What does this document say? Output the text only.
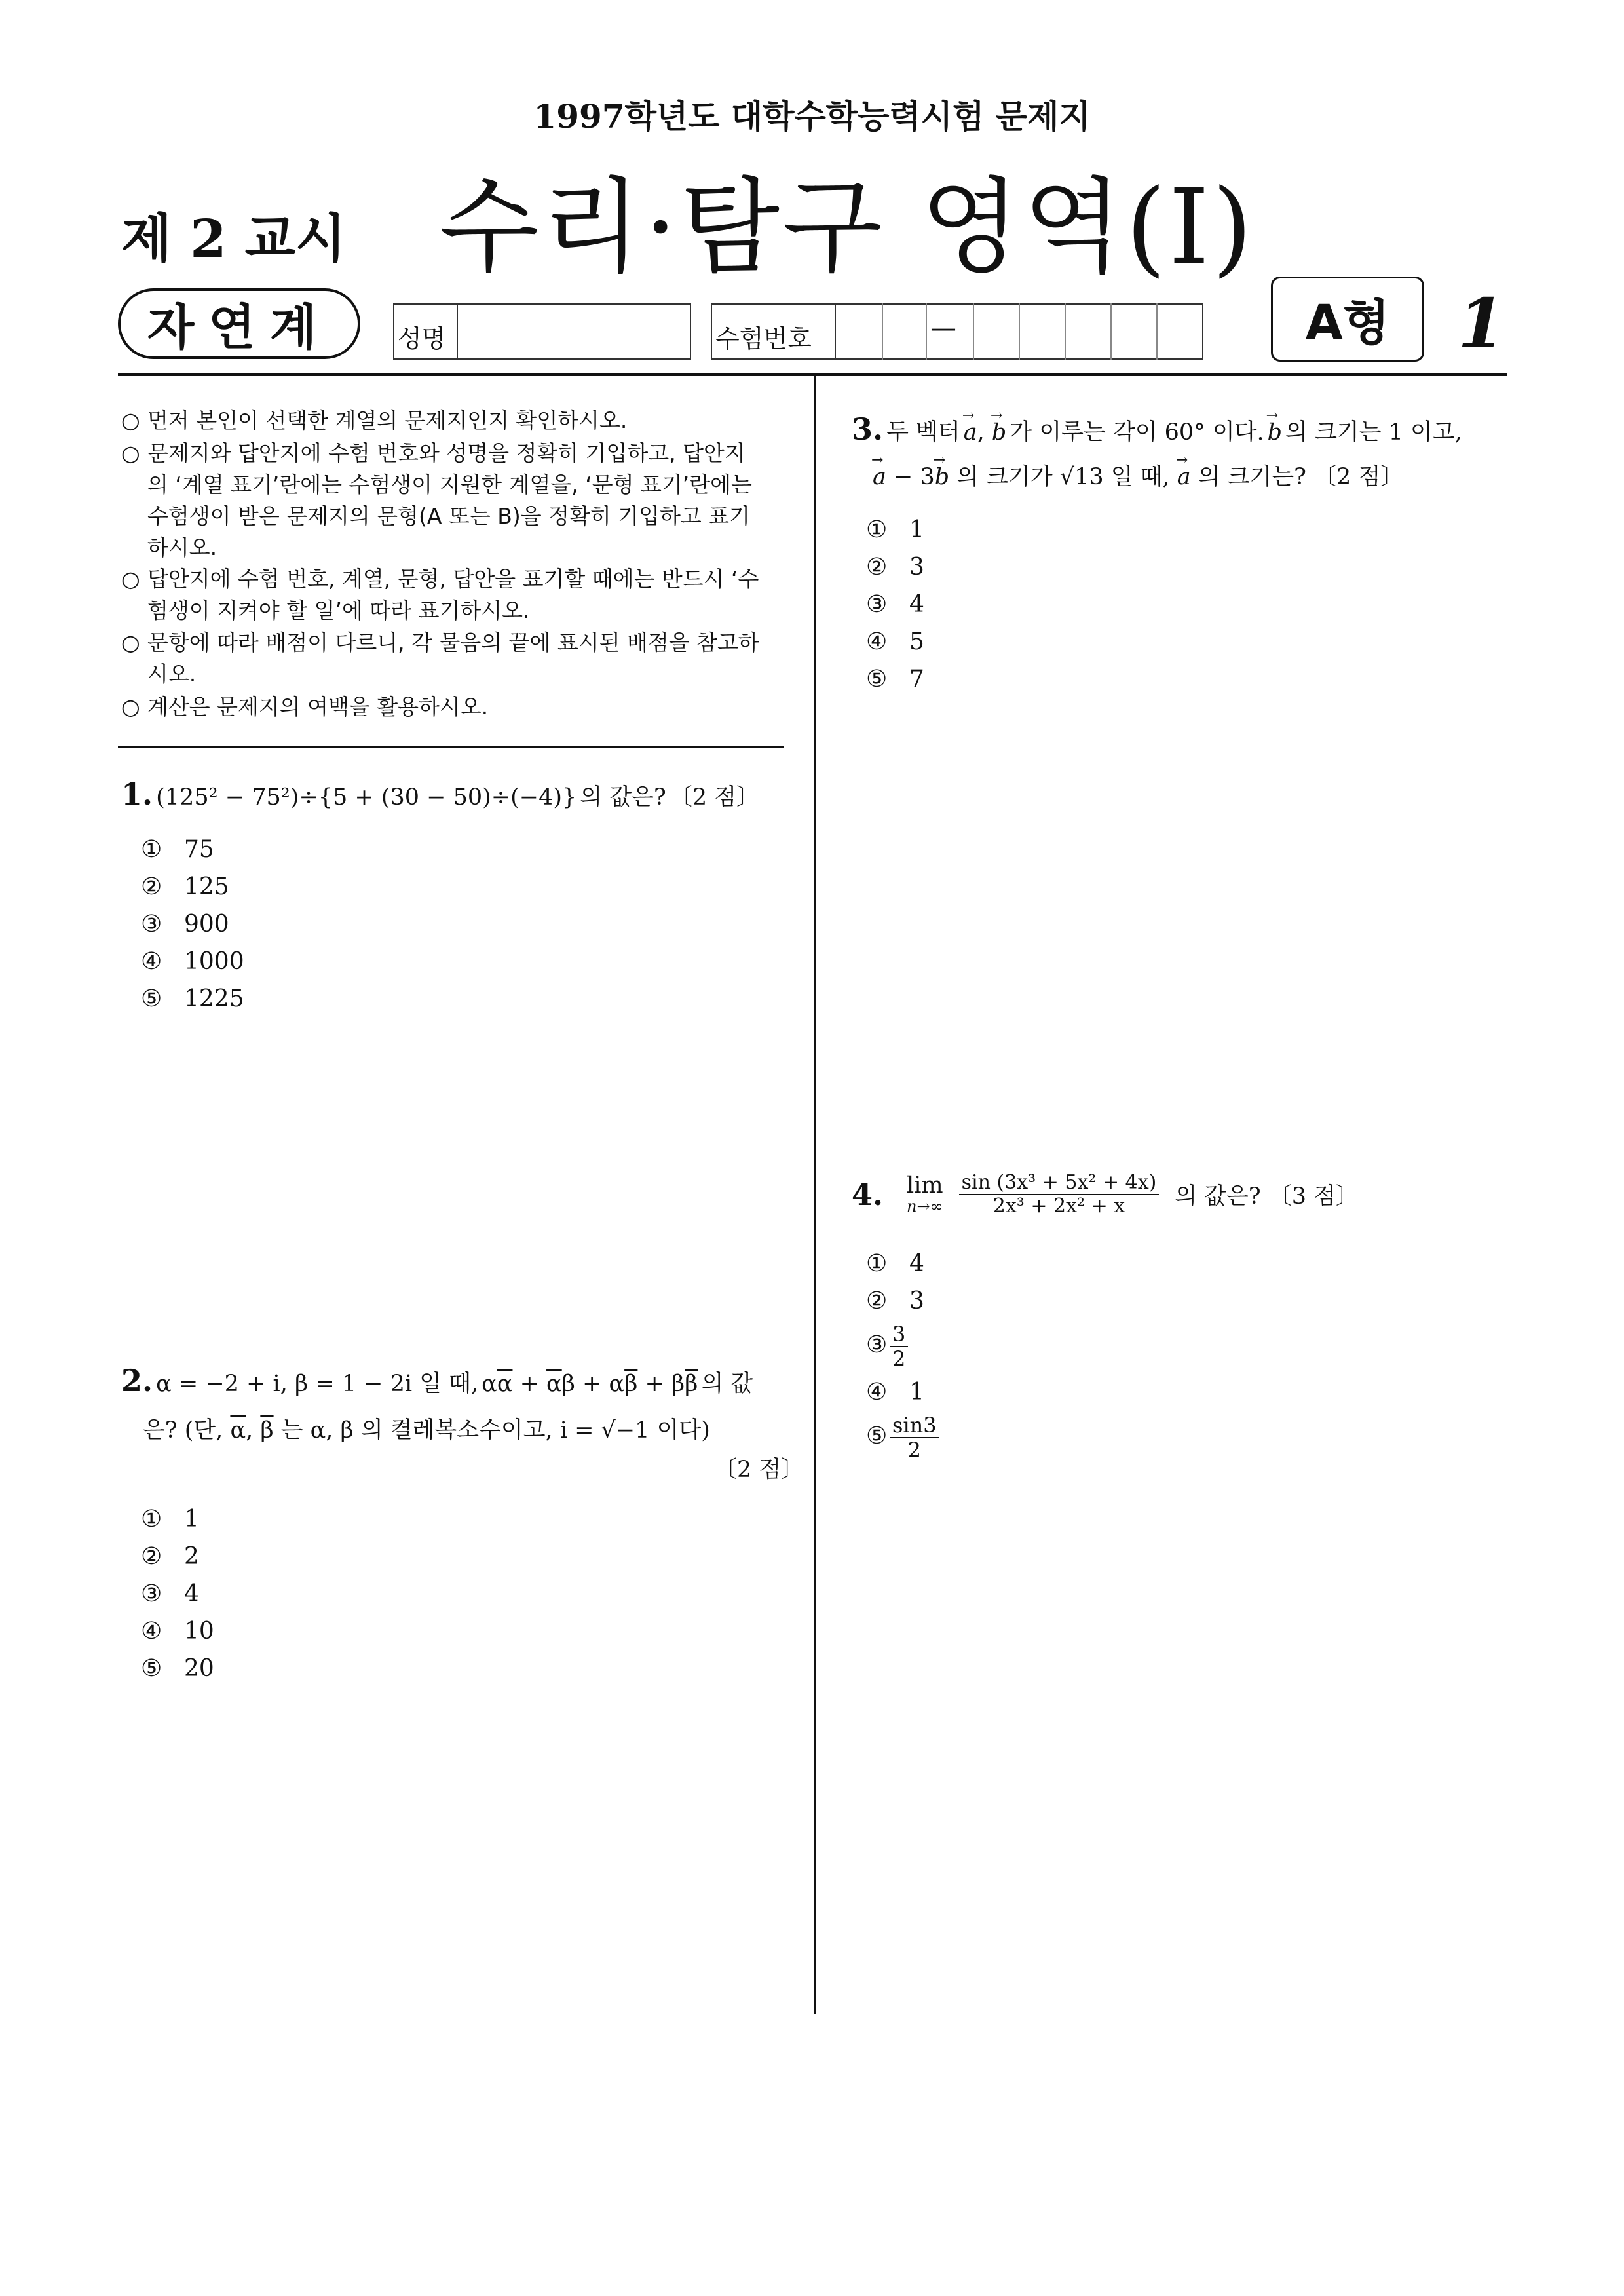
1997학년도 대학수학능력시험 문제지
제 2 교시 수리·탐구 영역(Ⅰ)
자연계	성명	수험번호	—	A형 1
○ 먼저 본인이 선택한 계열의 문제지인지 확인하시오.
○ 문제지와 답안지에 수험 번호와 성명을 정확히 기입하고, 답안지

의 ‘계열 표기’란에는 수험생이 지원한 계열을, ‘문형 표기’란에는
수험생이 받은 문제지의 문형(A 또는 B)을 정확히 기입하고 표기
하시오.
○ 답안지에 수험 번호, 계열, 문형, 답안을 표기할 때에는 반드시 ‘수

험생이 지켜야 할 일’에 따라 표기하시오.
○ 문항에 따라 배점이 다르니, 각 물음의 끝에 표시된 배점을 참고하

시오.
○ 계산은 문제지의 여백을 활용하시오.
1. (125² − 75²)÷{5 + (30 − 50)÷(−4)} 의 값은? 〔2 점〕
① 75
② 125
③ 900
④ 1000
⑤ 1225
2. α = −2 + i, β = 1 − 2i 일 때, $\alpha\overline{\alpha} + \overline{\alpha}\beta + \alpha\overline{\beta} + \beta\overline{\beta}$ 의 값
은? (단, $\overline{\alpha}$, $\overline{\beta}$ 는 α, β 의 켤레복소수이고, i = √−1 이다)
〔2 점〕
① 1
② 2
③ 4
④ 10
⑤ 20
3. 두 벡터 → a, → b 가 이루는 각이 60° 이다. → b 의 크기는 1 이고,
→ a − 3→ b 의 크기가 √13 일 때, → a 의 크기는? 〔2 점〕
① 1
② 3
③ 4
④ 5
⑤ 7
4. lim
$n\to\infty \frac{\text{sin (3x³ + 5x² + 4x)}}{\text{2x³ + 2x² + x}}$ 의 값은? 〔3 점〕
① 4
② 3
③ $\frac{3}{2}$
④ 1
⑤ $\frac{\sin 3}{2}$
